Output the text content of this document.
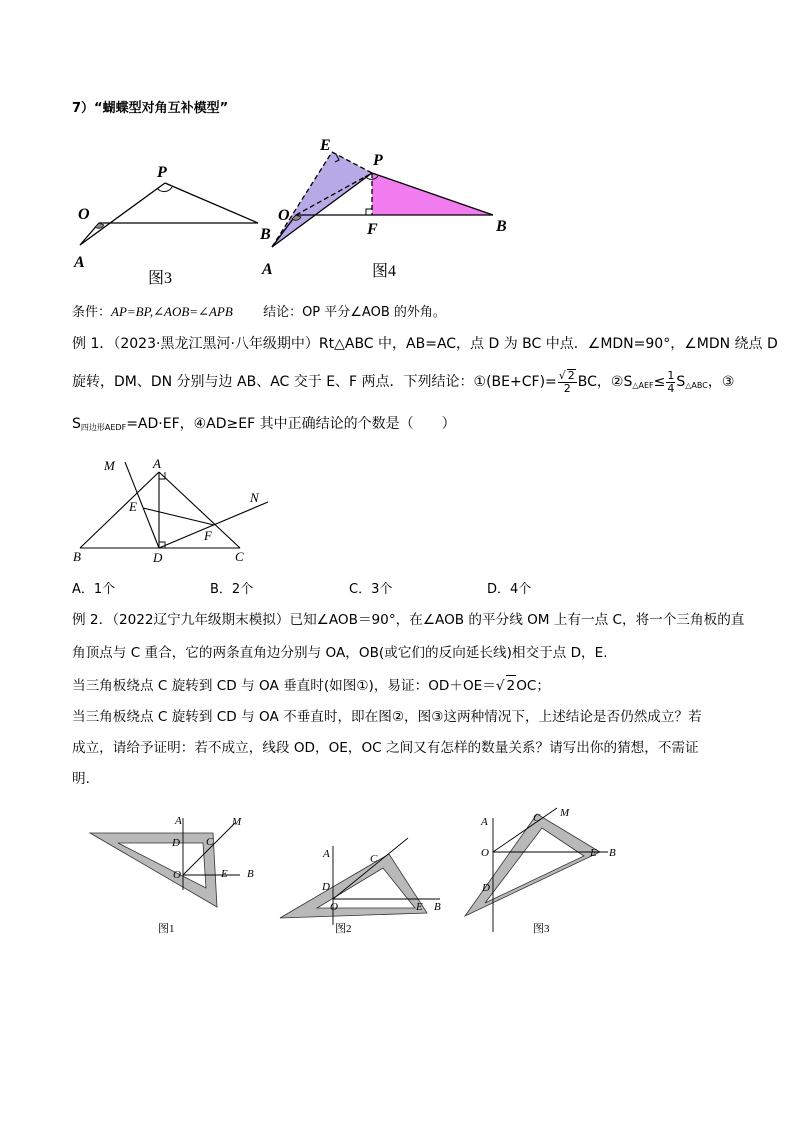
7）“蝴蝶型对角互补模型”
O
P
A
图3
E
P
O
B	F	B
A	图4
条件：AP=BP,∠AOB=∠APB 结论：OP 平分∠AOB 的外角。
例 1．（2023·黑龙江黑河·八年级期中）Rt△ABC 中，AB=AC，点 D 为 BC 中点．∠MDN=90°，∠MDN 绕点 D
旋转，DM、DN 分别与边 AB、AC 交于 E、F 两点．下列结论：①(BE+CF)= $\frac{√ 2}{2}$ BC，$②S_{\triangle AEF}\le \frac{1}{4} S_{\triangle ABC}$，③
$S_{四边形AEDF}=AD\cdot EF$，④AD≥EF 其中正确结论的个数是（　　）
M	A
N
E
F
B	D	C
A．1个	B．2个	C．3个	D．4个
例 2．（2022辽宁九年级期末模拟）已知∠AOB＝90°，在∠AOB 的平分线 OM 上有一点 C，将一个三角板的直
角顶点与 C 重合，它的两条直角边分别与 OA，OB(或它们的反向延长线)相交于点 D，E.
当三角板绕点 C 旋转到 CD 与 OA 垂直时(如图①)，易证：OD＋OE＝√ 2OC；
当三角板绕点 C 旋转到 CD 与 OA 不垂直时，即在图②，图③这两种情况下，上述结论是否仍然成立？若
成立，请给予证明：若不成立，线段 OD，OE，OC 之间又有怎样的数量关系？请写出你的猜想，不需证
明．
A	M
D C
O	E B
图1
A	C
D
O	E B
图2
A	C M
O	E B
D
图3
